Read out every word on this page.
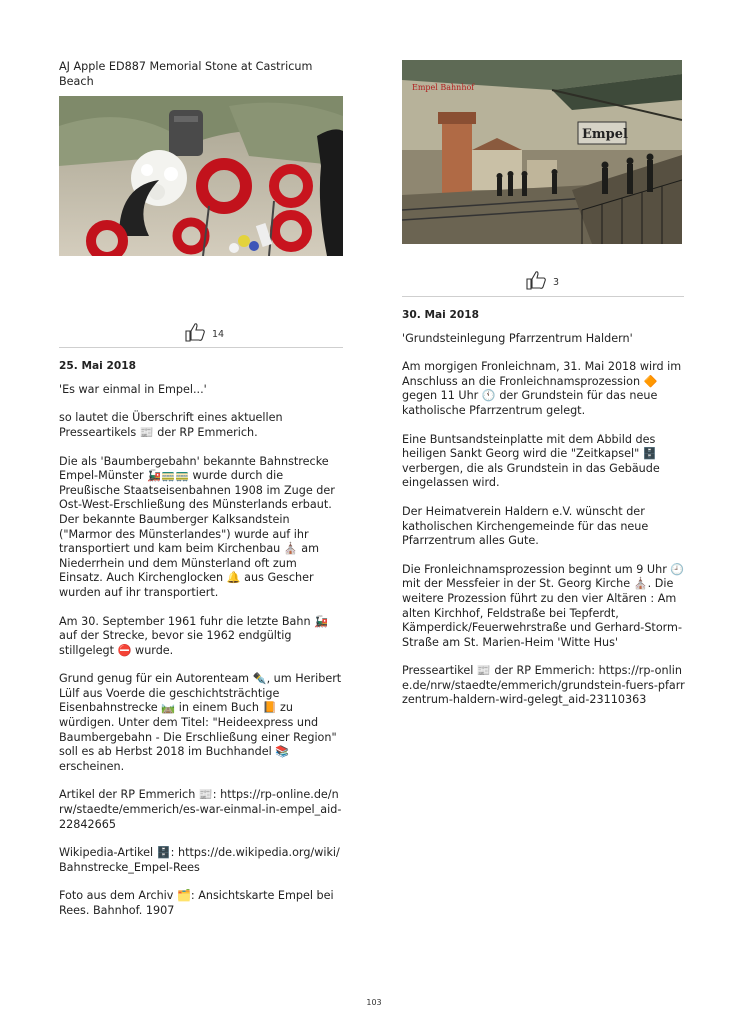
AJ Apple ED887 Memorial Stone at Castricum Beach
14
25. Mai 2018
'Es war einmal in Empel...'
so lautet die Überschrift eines aktuellen Presseartikels 📰 der RP Emmerich.
Die als 'Baumbergebahn' bekannte Bahnstrecke Empel-Münster 🚂🚃🚃 wurde durch die Preußische Staatseisenbahnen 1908 im Zuge der Ost-West-Erschließung des Münsterlands erbaut. Der bekannte Baumberger Kalksandstein ("Marmor des Münsterlandes") wurde auf ihr transportiert und kam beim Kirchenbau ⛪ am Niederrhein und dem Münsterland oft zum Einsatz. Auch Kirchenglocken 🔔 aus Gescher wurden auf ihr transportiert.
Am 30. September 1961 fuhr die letzte Bahn 🚂 auf der Strecke, bevor sie 1962 endgültig stillgelegt ⛔ wurde.
Grund genug für ein Autorenteam ✒️, um Heribert Lülf aus Voerde die geschichtsträchtige Eisenbahnstrecke 🛤️ in einem Buch 📙 zu würdigen. Unter dem Titel: "Heideexpress und Baumbergebahn - Die Erschließung einer Region" soll es ab Herbst 2018 im Buchhandel 📚 erscheinen.
Artikel der RP Emmerich 📰: https://rp-online.de/nrw/staedte/emmerich/es-war-einmal-in-empel_aid-22842665
Wikipedia-Artikel 🗄️: https://de.wikipedia.org/wiki/Bahnstrecke_Empel-Rees
Foto aus dem Archiv 🗂️: Ansichtskarte Empel bei Rees. Bahnhof. 1907
Empel
Empel Bahnhof
3
30. Mai 2018
'Grundsteinlegung Pfarrzentrum Haldern'
Am morgigen Fronleichnam, 31. Mai 2018 wird im Anschluss an die Fronleichnamsprozession 🔶 gegen 11 Uhr 🕚 der Grundstein für das neue katholische Pfarrzentrum gelegt.
Eine Buntsandsteinplatte mit dem Abbild des heiligen Sankt Georg wird die "Zeitkapsel" 🗄️ verbergen, die als Grundstein in das Gebäude eingelassen wird.
Der Heimatverein Haldern e.V. wünscht der katholischen Kirchengemeinde für das neue Pfarrzentrum alles Gute.
Die Fronleichnamsprozession beginnt um 9 Uhr 🕘 mit der Messfeier in der St. Georg Kirche ⛪. Die weitere Prozession führt zu den vier Altären : Am alten Kirchhof, Feldstraße bei Tepferdt, Kämperdick/Feuerwehrstraße und Gerhard-Storm-Straße am St. Marien-Heim 'Witte Hus'
Presseartikel 📰 der RP Emmerich: https://rp-online.de/nrw/staedte/emmerich/grundstein-fuers-pfarrzentrum-haldern-wird-gelegt_aid-23110363
103
